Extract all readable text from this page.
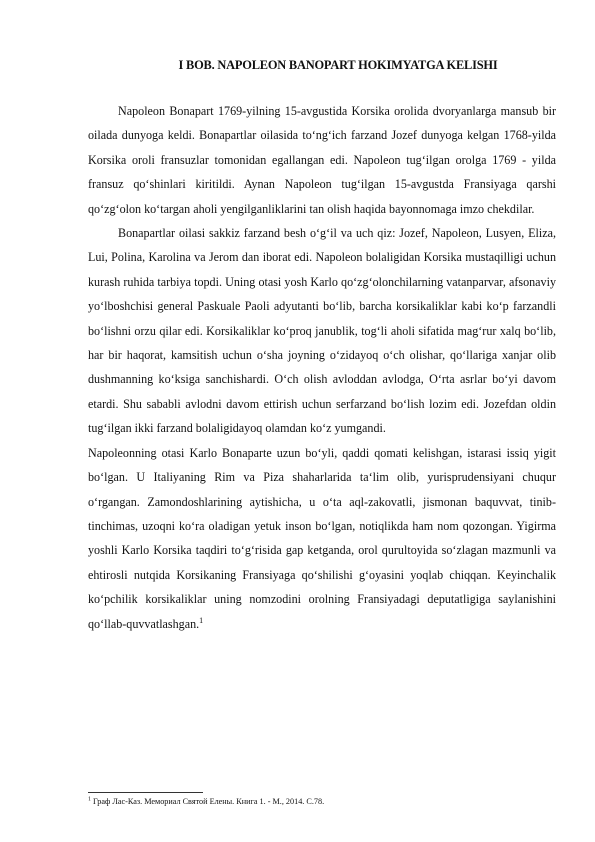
I BOB. NAPOLEON BANOPART HOKIMYATGA KELISHI

Napoleon Bonapart 1769-yilning 15-avgustida Korsika orolida dvoryanlarga mansub bir oilada dunyoga keldi. Bonapartlar oilasida to‘ng‘ich farzand Jozef dunyoga kelgan 1768-yilda Korsika oroli fransuzlar tomonidan egallangan edi. Napoleon tug‘ilgan orolga 1769 - yilda fransuz qo‘shinlari kiritildi. Aynan Napoleon tug‘ilgan 15-avgustda Fransiyaga qarshi qo‘zg‘olon ko‘targan aholi yengilganliklarini tan olish haqida bayonnomaga imzo chekdilar.

Bonapartlar oilasi sakkiz farzand besh o‘g‘il va uch qiz: Jozef, Napoleon, Lusyen, Eliza, Lui, Polina, Karolina va Jerom dan iborat edi. Napoleon bolaligidan Korsika mustaqilligi uchun kurash ruhida tarbiya topdi. Uning otasi yosh Karlo qo‘zg‘olonchilarning vatanparvar, afsonaviy yo‘lboshchisi general Paskuale Paoli adyutanti bo‘lib, barcha korsikaliklar kabi ko‘p farzandli bo‘lishni orzu qilar edi. Korsikaliklar ko‘proq janublik, tog‘li aholi sifatida mag‘rur xalq bo‘lib, har bir haqorat, kamsitish uchun o‘sha joyning o‘zidayoq o‘ch olishar, qo‘llariga xanjar olib dushmanning ko‘ksiga sanchishardi. O‘ch olish avloddan avlodga, O‘rta asrlar bo‘yi davom etardi. Shu sababli avlodni davom ettirish uchun serfarzand bo‘lish lozim edi. Jozefdan oldin tug‘ilgan ikki farzand bolaligidayoq olamdan ko‘z yumgandi.

Napoleonning otasi Karlo Bonaparte uzun bo‘yli, qaddi qomati kelishgan, istarasi issiq yigit bo‘lgan. U Italiyaning Rim va Piza shaharlarida ta‘lim olib, yurisprudensiyani chuqur o‘rgangan. Zamondoshlarining aytishicha, u o‘ta aql-zakovatli, jismonan baquvvat, tinib-tinchimas, uzoqni ko‘ra oladigan yetuk inson bo‘lgan, notiqlikda ham nom qozongan. Yigirma yoshli Karlo Korsika taqdiri to‘g‘risida gap ketganda, orol qurultoyida so‘zlagan mazmunli va ehtirosli nutqida Korsikaning Fransiyaga qo‘shilishi g‘oyasini yoqlab chiqqan. Keyinchalik ko‘pchilik korsikaliklar uning nomzodini orolning Fransiyadagi deputatligiga saylanishini qo‘llab-quvvatlashgan.$^1$

$^1$ Граф Лас-Каз. Мемориал Святой Елены. Книга 1. - М., 2014. С.78.
